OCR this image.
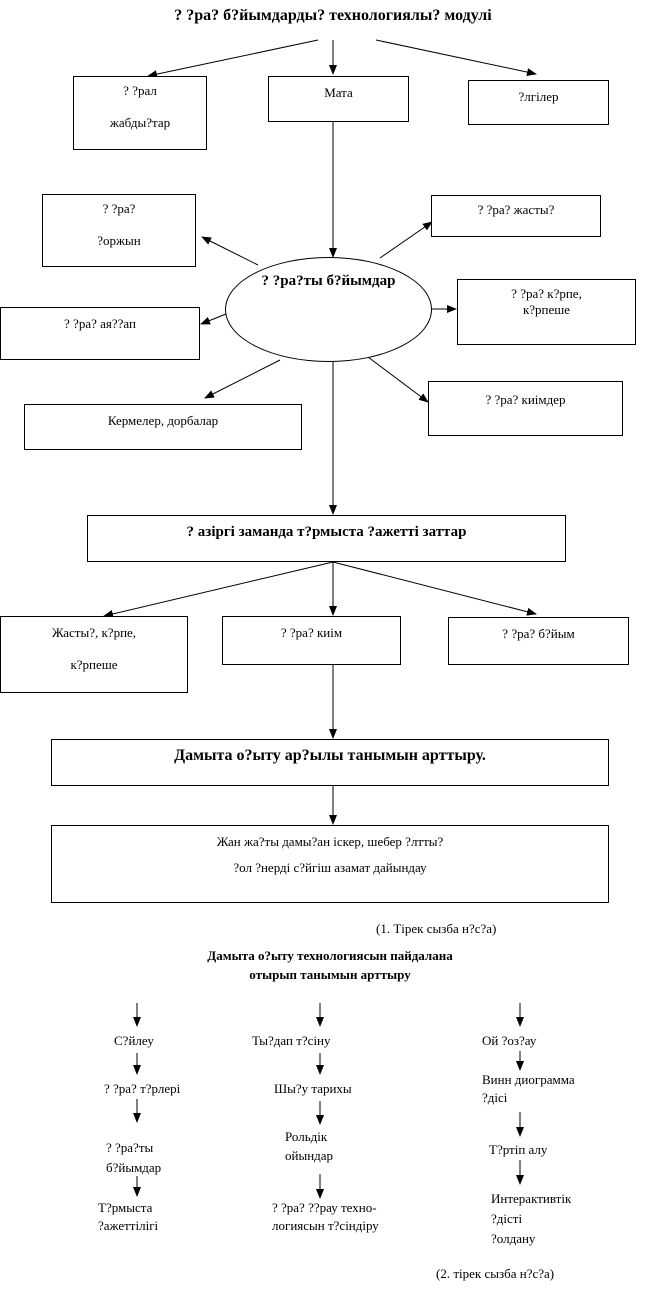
? ?ра? б?йымдарды? технологиялы? модулі
? ?рал
жабды?тар
Мата	?лгілер
? ?ра?
?оржын
? ?ра? ая??ап
Кермелер, дорбалар
? ?ра?ты б?йымдар
? ?ра? жасты?
? ?ра? к?рпе,
к?рпеше
? ?ра? киімдер
? азіргі заманда т?рмыста ?ажетті заттар
Жасты?, к?рпе,
к?рпеше
? ?ра? киім	? ?ра? б?йым
Дамыта о?ыту ар?ылы танымын арттыру.
Жан жа?ты дамы?ан іскер, шебер ?лтты?
?ол ?нерді с?йгіш азамат дайындау
(1. Тірек сызба н?с?а)
Дамыта о?ыту технологиясын пайдалана
отырып танымын арттыру
С?йлеу
? ?ра? т?рлері
? ?ра?ты
б?йымдар
Т?рмыста
?ажеттілігі
Ты?дап т?сіну
Шы?у тарихы
Рольдік
ойындар
? ?ра? ??рау техно-
логиясын т?сіндіру
Ой ?оз?ау
Винн диограмма
?дісі
Т?ртіп алу
Интерактивтік
?дісті
?олдану
(2. тірек сызба н?с?а)
